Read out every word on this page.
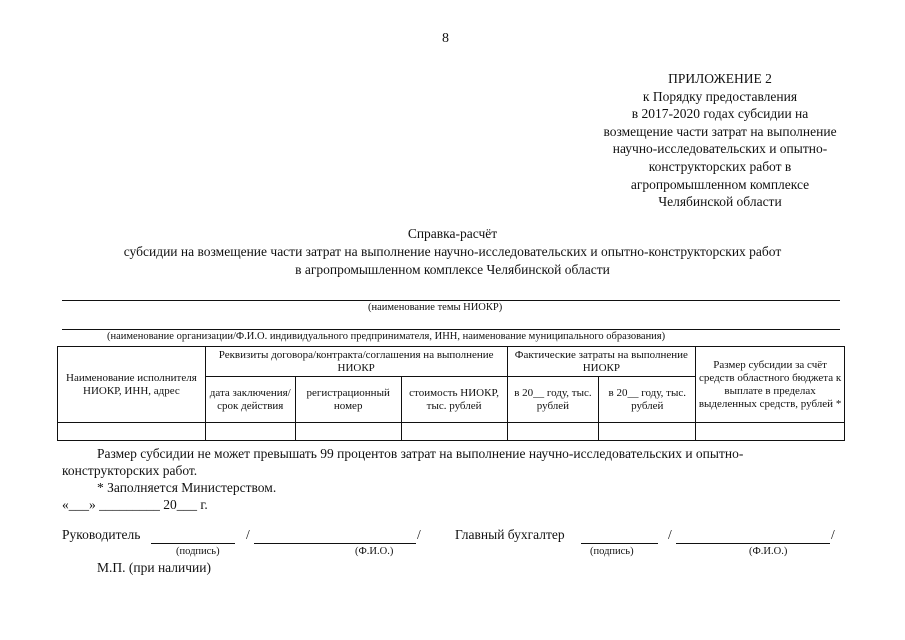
8
ПРИЛОЖЕНИЕ 2
к Порядку предоставления
в 2017-2020 годах субсидии на
возмещение части затрат на выполнение
научно-исследовательских и опытно-
конструкторских работ в
агропромышленном комплексе
Челябинской области
Справка-расчёт
субсидии на возмещение части затрат на выполнение научно-исследовательских и опытно-конструкторских работ
в агропромышленном комплексе Челябинской области
(наименование темы НИОКР)
(наименование организации/Ф.И.О. индивидуального предпринимателя, ИНН, наименование муниципального образования)
Наименование исполнителя НИОКР, ИНН, адрес	Реквизиты договора/контракта/соглашения на выполнение НИОКР			Фактические затраты на выполнение НИОКР		Размер субсидии за счёт средств областного бюджета к выплате в пределах выделенных средств, рублей *
	дата заключения/ срок действия	регистрационный номер	стоимость НИОКР, тыс. рублей	в 20__ году, тыс. рублей	в 20__ году, тыс. рублей	

Размер субсидии не может превышать 99 процентов затрат на выполнение научно-исследовательских и опытно-
конструкторских работ.
* Заполняется Министерством.
«___» _________ 20___ г.
Руководитель	/	/
(подпись)	(Ф.И.О.)
Главный бухгалтер	/	/
(подпись)	(Ф.И.О.)
М.П. (при наличии)
